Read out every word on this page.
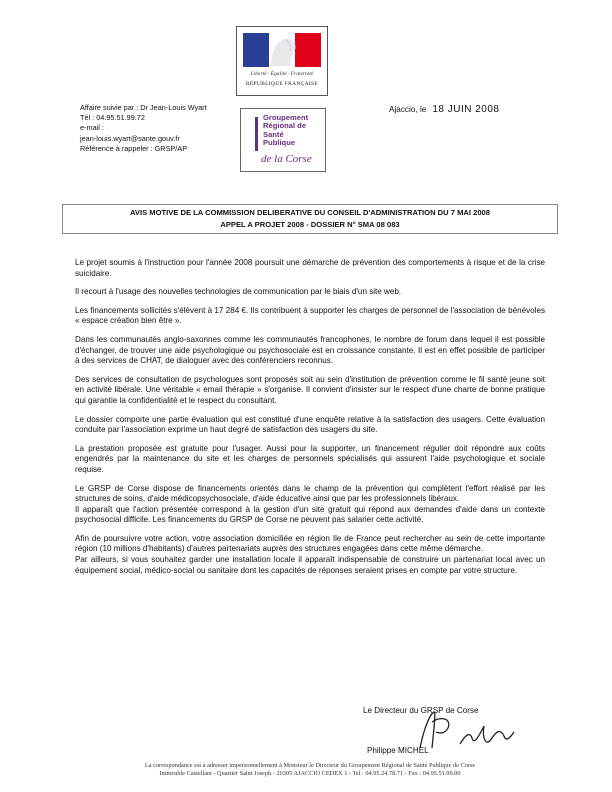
Liberté · Égalité · Fraternité
RÉPUBLIQUE FRANÇAISE
Groupement
Régional de
Santé
Publique
de la Corse
Affaire suivie par : Dr Jean-Louis Wyart
Tél : 04.95.51.99.72
e-mail :
jean-louis.wyart@sante.gouv.fr
Référence à rappeler : GRSP/AP
Ajaccio, le 18 JUIN 2008
AVIS MOTIVE DE LA COMMISSION DELIBERATIVE DU CONSEIL D'ADMINISTRATION DU 7 MAI 2008
APPEL A PROJET 2008 - DOSSIER N° SMA 08 083

Le projet soumis à l'instruction pour l'année 2008 poursuit une démarche de prévention des comportements à risque et de la crise suicidaire.

Il recourt à l'usage des nouvelles technologies de communication par le biais d'un site web.

Les financements sollicités s'élèvent à 17 284 €. Ils contribuent à supporter les charges de personnel de l'association de bénévoles « espace création bien être ».

Dans les communautés anglo-saxonnes comme les communautés francophones, le nombre de forum dans lequel il est possible d'échanger, de trouver une aide psychologique ou psychosociale est en croissance constante. Il est en effet possible de participer à des services de CHAT, de dialoguer avec des conférenciers reconnus.

Des services de consultation de psychologues sont proposés soit au sein d'institution de prévention comme le fil santé jeune soit en activité libérale. Une véritable « email thérapie » s'organise. Il convient d'insister sur le respect d'une charte de bonne pratique qui garantie la confidentialité et le respect du consultant.

Le dossier comporte une partie évaluation qui est constitué d'une enquête relative à la satisfaction des usagers. Cette évaluation conduite par l'association exprime un haut degré de satisfaction des usagers du site.

La prestation proposée est gratuite pour l'usager. Aussi pour la supporter, un financement régulier doit répondre aux coûts engendrés par la maintenance du site et les charges de personnels spécialisés qui assurent l'aide psychologique et sociale requise.

Le GRSP de Corse dispose de financements orientés dans le champ de la prévention qui complètent l'effort réalisé par les structures de soins, d'aide médicopsychosociale, d'aide éducative ainsi que par les professionnels libéraux.
Il apparaît que l'action présentée correspond à la gestion d'un site gratuit qui répond aux demandes d'aide dans un contexte psychosocial difficile. Les financements du GRSP de Corse ne peuvent pas salarier cette activité.

Afin de poursuivre votre action, votre association domiciliée en région Ile de France peut rechercher au sein de cette importante région (10 millions d'habitants) d'autres partenariats auprès des structures engagées dans cette même démarche.
Par ailleurs, si vous souhaitez garder une installation locale il apparaît indispensable de construire un partenariat local avec un équipement social, médico-social ou sanitaire dont les capacités de réponses seraient prises en compte par votre structure.

Le Directeur du GRSP de Corse
Philippe MICHEL
La correspondance est à adresser impersonnellement à Monsieur le Directeur du Groupement Régional de Santé Publique de Corse
Immeuble Castellani - Quartier Saint Joseph - 20305 AJACCIO CEDEX 1 - Tel : 04.95.24.78.71 - Fax : 04.95.51.99.00
